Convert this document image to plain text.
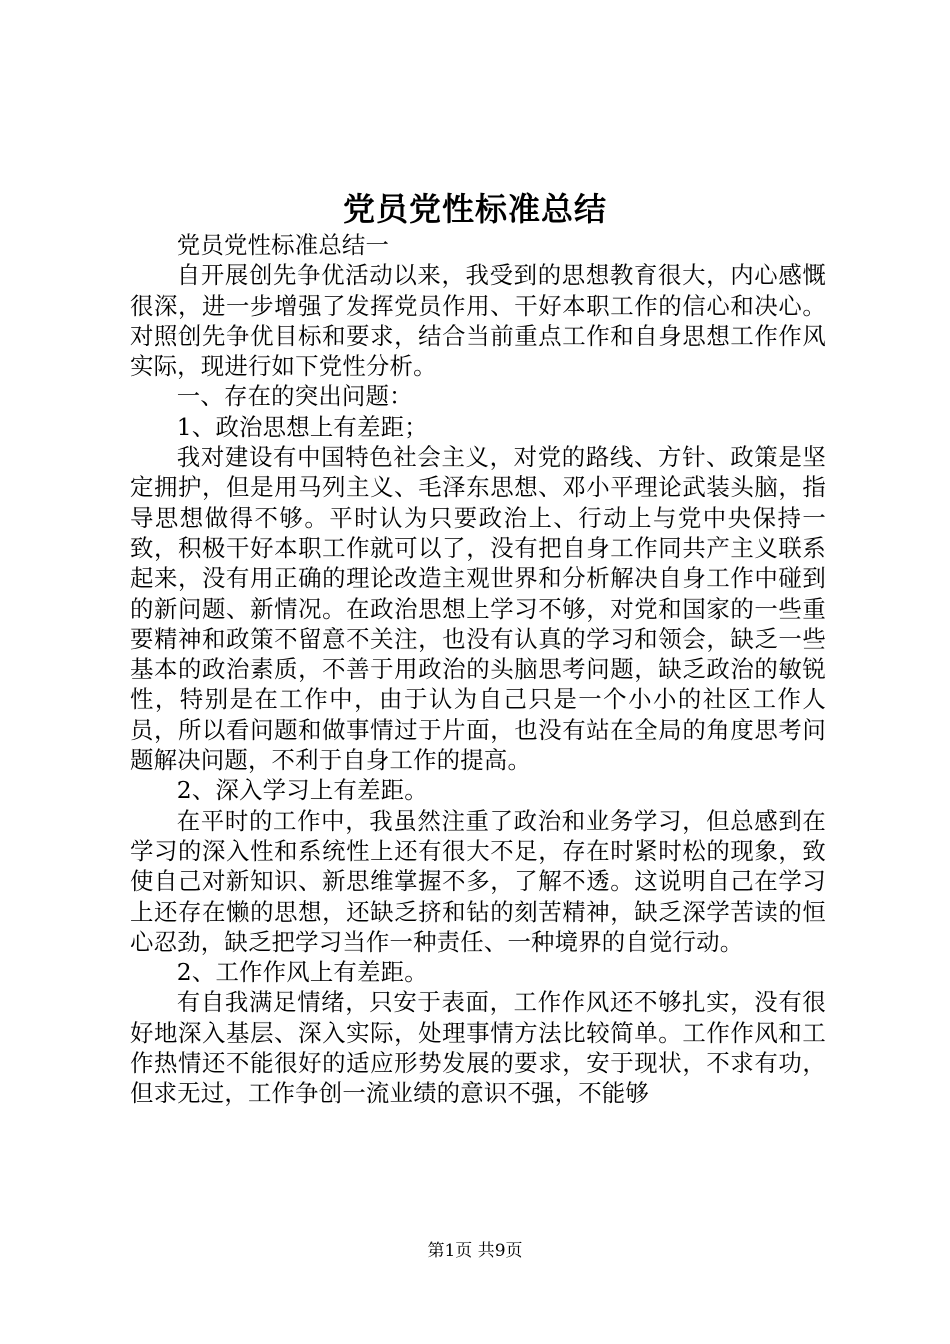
党员党性标准总结

党员党性标准总结一

自开展创先争优活动以来，我受到的思想教育很大，内心感慨很深，进一步增强了发挥党员作用、干好本职工作的信心和决心。对照创先争优目标和要求，结合当前重点工作和自身思想工作作风实际，现进行如下党性分析。

一、存在的突出问题：

1、政治思想上有差距；

我对建设有中国特色社会主义，对党的路线、方针、政策是坚定拥护，但是用马列主义、毛泽东思想、邓小平理论武装头脑，指导思想做得不够。平时认为只要政治上、行动上与党中央保持一致，积极干好本职工作就可以了，没有把自身工作同共产主义联系起来，没有用正确的理论改造主观世界和分析解决自身工作中碰到的新问题、新情况。在政治思想上学习不够，对党和国家的一些重要精神和政策不留意不关注，也没有认真的学习和领会，缺乏一些基本的政治素质，不善于用政治的头脑思考问题，缺乏政治的敏锐性，特别是在工作中，由于认为自己只是一个小小的社区工作人员，所以看问题和做事情过于片面，也没有站在全局的角度思考问题解决问题，不利于自身工作的提高。

2、深入学习上有差距。

在平时的工作中，我虽然注重了政治和业务学习，但总感到在学习的深入性和系统性上还有很大不足，存在时紧时松的现象，致使自己对新知识、新思维掌握不多，了解不透。这说明自己在学习上还存在懒的思想，还缺乏挤和钻的刻苦精神，缺乏深学苦读的恒心忍劲，缺乏把学习当作一种责任、一种境界的自觉行动。

2、工作作风上有差距。

有自我满足情绪，只安于表面，工作作风还不够扎实，没有很好地深入基层、深入实际，处理事情方法比较简单。工作作风和工作热情还不能很好的适应形势发展的要求，安于现状，不求有功，但求无过，工作争创一流业绩的意识不强，不能够

第1页 共9页
